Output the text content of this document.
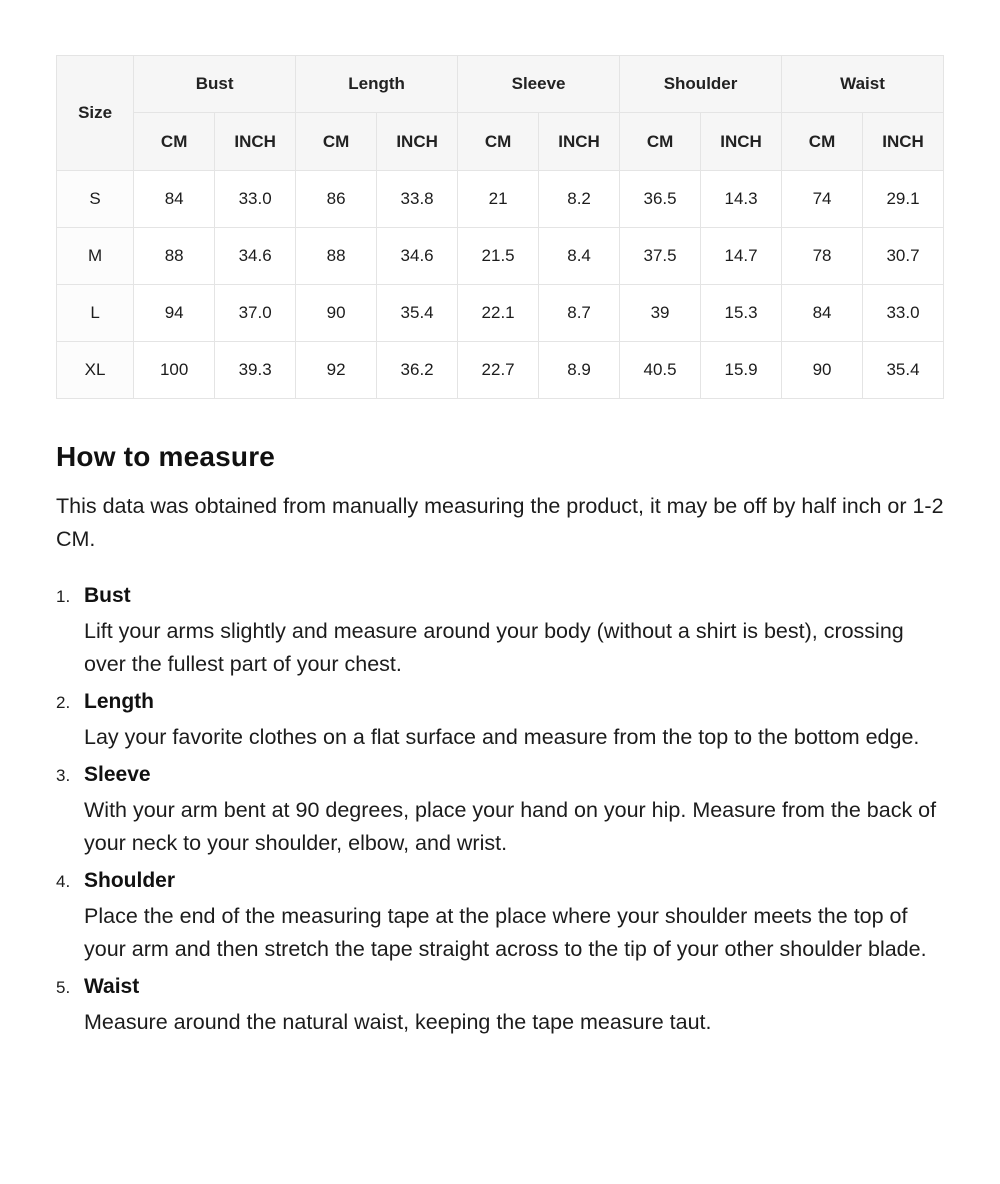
Size	Bust		Length		Sleeve		Shoulder		Waist	
	CM	INCH	CM	INCH	CM	INCH	CM	INCH	CM	INCH
S	84	33.0	86	33.8	21	8.2	36.5	14.3	74	29.1
M	88	34.6	88	34.6	21.5	8.4	37.5	14.7	78	30.7
L	94	37.0	90	35.4	22.1	8.7	39	15.3	84	33.0
XL	100	39.3	92	36.2	22.7	8.9	40.5	15.9	90	35.4
How to measure

This data was obtained from manually measuring the product, it may be off by half inch or 1-2 CM.

1. Bust

Lift your arms slightly and measure around your body (without a shirt is best), crossing over the fullest part of your chest.

2. Length

Lay your favorite clothes on a flat surface and measure from the top to the bottom edge.

3. Sleeve

With your arm bent at 90 degrees, place your hand on your hip. Measure from the back of your neck to your shoulder, elbow, and wrist.

4. Shoulder

Place the end of the measuring tape at the place where your shoulder meets the top of your arm and then stretch the tape straight across to the tip of your other shoulder blade.

5. Waist

Measure around the natural waist, keeping the tape measure taut.
